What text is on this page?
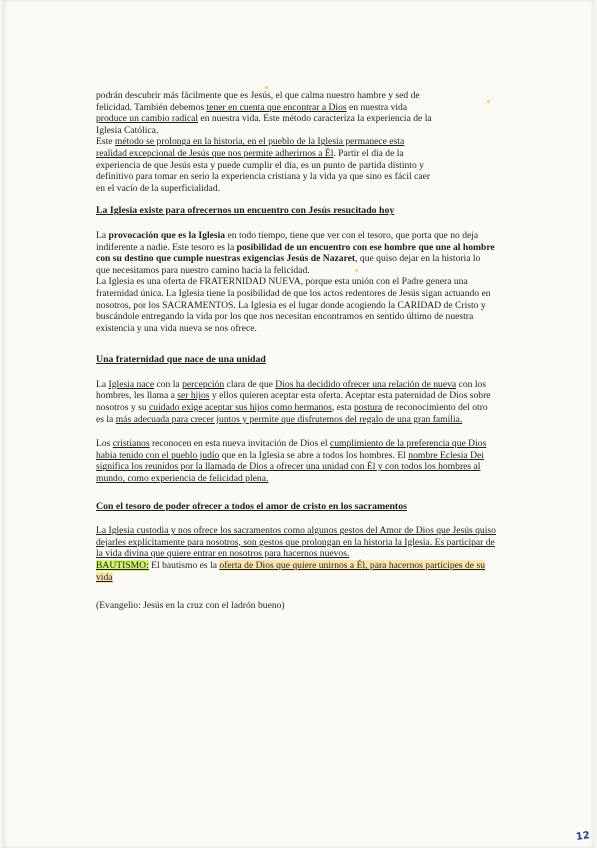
podrán descubrir más fácilmente que es Jesús, el que calma nuestro hambre y sed de

felicidad. También debemos tener en cuenta que encontrar a Dios en nuestra vida

produce un cambio radical en nuestra vida. Este método caracteriza la experiencia de la

Iglesia Católica.

Este método se prolonga en la historia, en el pueblo de la Iglesia permanece esta

realidad excepcional de Jesús que nos permite adherirnos a Él. Partir el día de la

experiencia de que Jesús esta y puede cumplir el día, es un punto de partida distinto y

definitivo para tomar en serio la experiencia cristiana y la vida ya que sino es fácil caer

en el vacío de la superficialidad.

La Iglesia existe para ofrecernos un encuentro con Jesús resucitado hoy

La provocación que es la Iglesia en todo tiempo, tiene que ver con el tesoro, que porta que no deja indiferente a nadie. Este tesoro es la posibilidad de un encuentro con ese hombre que une al hombre con su destino que cumple nuestras exigencias Jesús de Nazaret, que quiso dejar en la historia lo que necesitamos para nuestro camino hacia la felicidad.

La Iglesia es una oferta de FRATERNIDAD NUEVA, porque esta unión con el Padre genera una fraternidad única. La Iglesia tiene la posibilidad de que los actos redentores de Jesús sigan actuando en nosotros, por los SACRAMENTOS. La Iglesia es el lugar donde acogiendo la CARIDAD de Cristo y buscándole entregando la vida por los que nos necesitan encontramos en sentido último de nuestra existencia y una vida nueva se nos ofrece.

Una fraternidad que nace de una unidad

La Iglesia nace con la percepción clara de que Dios ha decidido ofrecer una relación de nueva con los hombres, les llama a ser hijos y ellos quieren aceptar esta oferta. Aceptar esta paternidad de Dios sobre nosotros y su cuidado exige aceptar sus hijos como hermanos, esta postura de reconocimiento del otro es la más adecuada para crecer juntos y permite que disfrutemos del regalo de una gran familia.

Los cristianos reconocen en esta nueva invitación de Dios el cumplimiento de la preferencia que Dios había tenido con el pueblo judío que en la Iglesia se abre a todos los hombres. El nombre Eclesia Dei significa los reunidos por la llamada de Dios a ofrecer una unidad con Él y con todos los hombres al mundo, como experiencia de felicidad plena.

Con el tesoro de poder ofrecer a todos el amor de cristo en los sacramentos

La Iglesia custodia y nos ofrece los sacramentos como algunos gestos del Amor de Dios que Jesús quiso dejarles explícitamente para nosotros, son gestos que prolongan en la historia la Iglesia. Es participar de la vida divina que quiere entrar en nosotros para hacernos nuevos.

BAUTISMO: El bautismo es la oferta de Dios que quiere unirnos a Él, para hacernos partícipes de su vida

(Evangelio: Jesús en la cruz con el ladrón bueno)

12
